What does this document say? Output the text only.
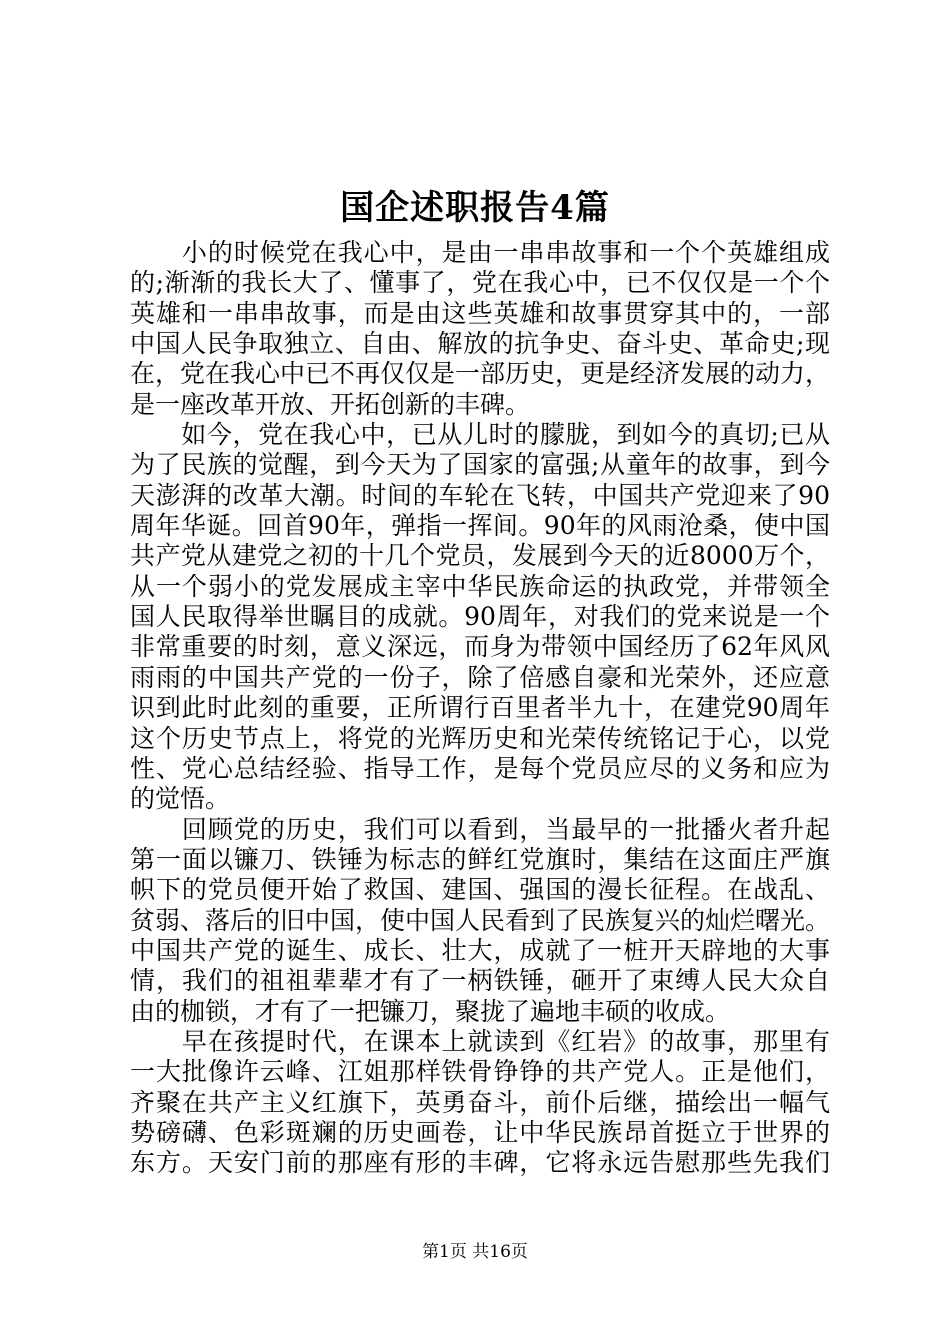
国企述职报告4篇
　　小的时候党在我心中，是由一串串故事和一个个英雄组成
的;渐渐的我长大了、懂事了，党在我心中，已不仅仅是一个个
英雄和一串串故事，而是由这些英雄和故事贯穿其中的，一部
中国人民争取独立、自由、解放的抗争史、奋斗史、革命史;现
在，党在我心中已不再仅仅是一部历史，更是经济发展的动力，
是一座改革开放、开拓创新的丰碑。
　　如今，党在我心中，已从儿时的朦胧，到如今的真切;已从
为了民族的觉醒，到今天为了国家的富强;从童年的故事，到今
天澎湃的改革大潮。时间的车轮在飞转，中国共产党迎来了90
周年华诞。回首90年，弹指一挥间。90年的风雨沧桑，使中国
共产党从建党之初的十几个党员，发展到今天的近8000万个，
从一个弱小的党发展成主宰中华民族命运的执政党，并带领全
国人民取得举世瞩目的成就。90周年，对我们的党来说是一个
非常重要的时刻，意义深远，而身为带领中国经历了62年风风
雨雨的中国共产党的一份子，除了倍感自豪和光荣外，还应意
识到此时此刻的重要，正所谓行百里者半九十，在建党90周年
这个历史节点上，将党的光辉历史和光荣传统铭记于心，以党
性、党心总结经验、指导工作，是每个党员应尽的义务和应为
的觉悟。
　　回顾党的历史，我们可以看到，当最早的一批播火者升起
第一面以镰刀、铁锤为标志的鲜红党旗时，集结在这面庄严旗
帜下的党员便开始了救国、建国、强国的漫长征程。在战乱、
贫弱、落后的旧中国，使中国人民看到了民族复兴的灿烂曙光。
中国共产党的诞生、成长、壮大，成就了一桩开天辟地的大事
情，我们的祖祖辈辈才有了一柄铁锤，砸开了束缚人民大众自
由的枷锁，才有了一把镰刀，聚拢了遍地丰硕的收成。
　　早在孩提时代，在课本上就读到《红岩》的故事，那里有
一大批像许云峰、江姐那样铁骨铮铮的共产党人。正是他们，
齐聚在共产主义红旗下，英勇奋斗，前仆后继，描绘出一幅气
势磅礴、色彩斑斓的历史画卷，让中华民族昂首挺立于世界的
东方。天安门前的那座有形的丰碑，它将永远告慰那些先我们
第1页 共16页
